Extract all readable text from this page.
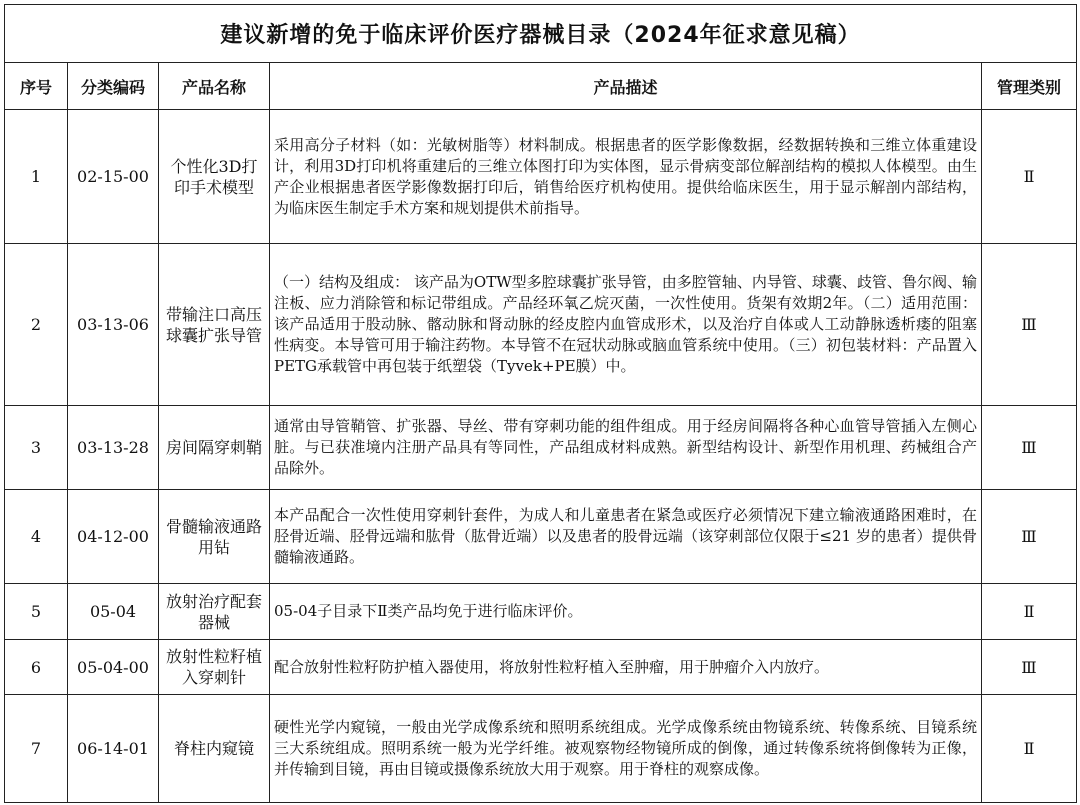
建议新增的免于临床评价医疗器械目录（2024年征求意见稿）				
序号	分类编码	产品名称	产品描述	管理类别
1	02-15-00	个性化3D打印手术模型	采用高分子材料（如：光敏树脂等）材料制成。根据患者的医学影像数据，经数据转换和三维立体重建设计，利用3D打印机将重建后的三维立体图打印为实体图，显示骨病变部位解剖结构的模拟人体模型。由生产企业根据患者医学影像数据打印后，销售给医疗机构使用。提供给临床医生，用于显示解剖内部结构，为临床医生制定手术方案和规划提供术前指导。	Ⅱ
2	03-13-06	带输注口高压球囊扩张导管	（一）结构及组成： 该产品为OTW型多腔球囊扩张导管，由多腔管轴、内导管、球囊、歧管、鲁尔阀、输注板、应力消除管和标记带组成。产品经环氧乙烷灭菌，一次性使用。货架有效期2年。（二）适用范围： 该产品适用于股动脉、髂动脉和肾动脉的经皮腔内血管成形术，以及治疗自体或人工动静脉透析瘘的阻塞性病变。本导管可用于输注药物。本导管不在冠状动脉或脑血管系统中使用。（三）初包装材料：产品置入PETG承载管中再包装于纸塑袋（Tyvek+PE膜）中。	Ⅲ
3	03-13-28	房间隔穿刺鞘	通常由导管鞘管、扩张器、导丝、带有穿刺功能的组件组成。用于经房间隔将各种心血管导管插入左侧心脏。与已获准境内注册产品具有等同性，产品组成材料成熟。新型结构设计、新型作用机理、药械组合产品除外。	Ⅲ
4	04-12-00	骨髓输液通路用钻	本产品配合一次性使用穿刺针套件，为成人和儿童患者在紧急或医疗必须情况下建立输液通路困难时，在胫骨近端、胫骨远端和肱骨（肱骨近端）以及患者的股骨远端（该穿刺部位仅限于≤21 岁的患者）提供骨髓输液通路。	Ⅲ
5	05-04	放射治疗配套器械	05-04子目录下Ⅱ类产品均免于进行临床评价。	Ⅱ
6	05-04-00	放射性粒籽植入穿刺针	配合放射性粒籽防护植入器使用，将放射性粒籽植入至肿瘤，用于肿瘤介入内放疗。	Ⅲ
7	06-14-01	脊柱内窥镜	硬性光学内窥镜，一般由光学成像系统和照明系统组成。光学成像系统由物镜系统、转像系统、目镜系统三大系统组成。照明系统一般为光学纤维。被观察物经物镜所成的倒像，通过转像系统将倒像转为正像，并传输到目镜，再由目镜或摄像系统放大用于观察。用于脊柱的观察成像。	Ⅱ
